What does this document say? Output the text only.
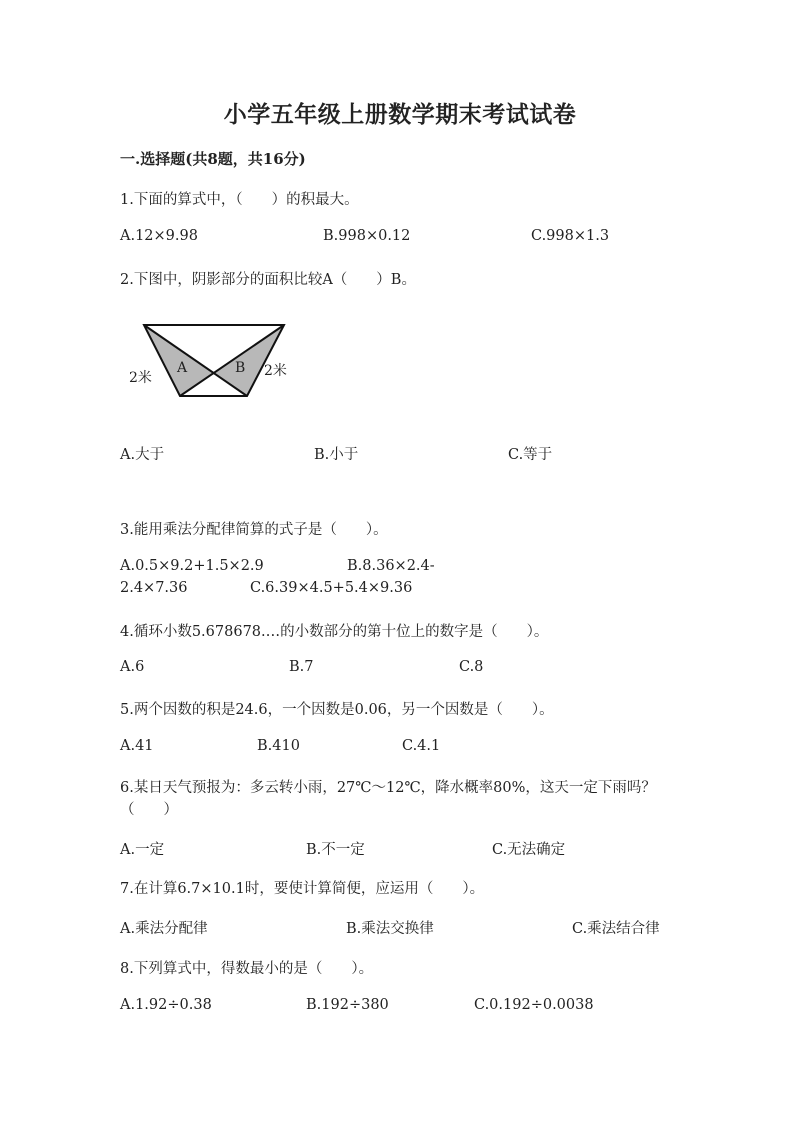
小学五年级上册数学期末考试试卷
一.选择题(共8题，共16分)
1.下面的算式中，（　　）的积最大。
A.12×9.98	B.998×0.12	C.998×1.3
2.下图中，阴影部分的面积比较A（　　）B。
A	B
2米	2米
A.大于	B.小于	C.等于
3.能用乘法分配律简算的式子是（　　）。
A.0.5×9.2+1.5×2.9	B.8.36×2.4-
2.4×7.36	C.6.39×4.5+5.4×9.36
4.循环小数5.678678.…的小数部分的第十位上的数字是（　　）。
A.6	B.7	C.8
5.两个因数的积是24.6，一个因数是0.06，另一个因数是（　　）。
A.41	B.410	C.4.1
6.某日天气预报为：多云转小雨，27℃～12℃，降水概率80%，这天一定下雨吗？（　　）
A.一定	B.不一定	C.无法确定
7.在计算6.7×10.1时，要使计算简便，应运用（　　）。
A.乘法分配律	B.乘法交换律	C.乘法结合律
8.下列算式中，得数最小的是（　　）。
A.1.92÷0.38	B.192÷380	C.0.192÷0.0038
